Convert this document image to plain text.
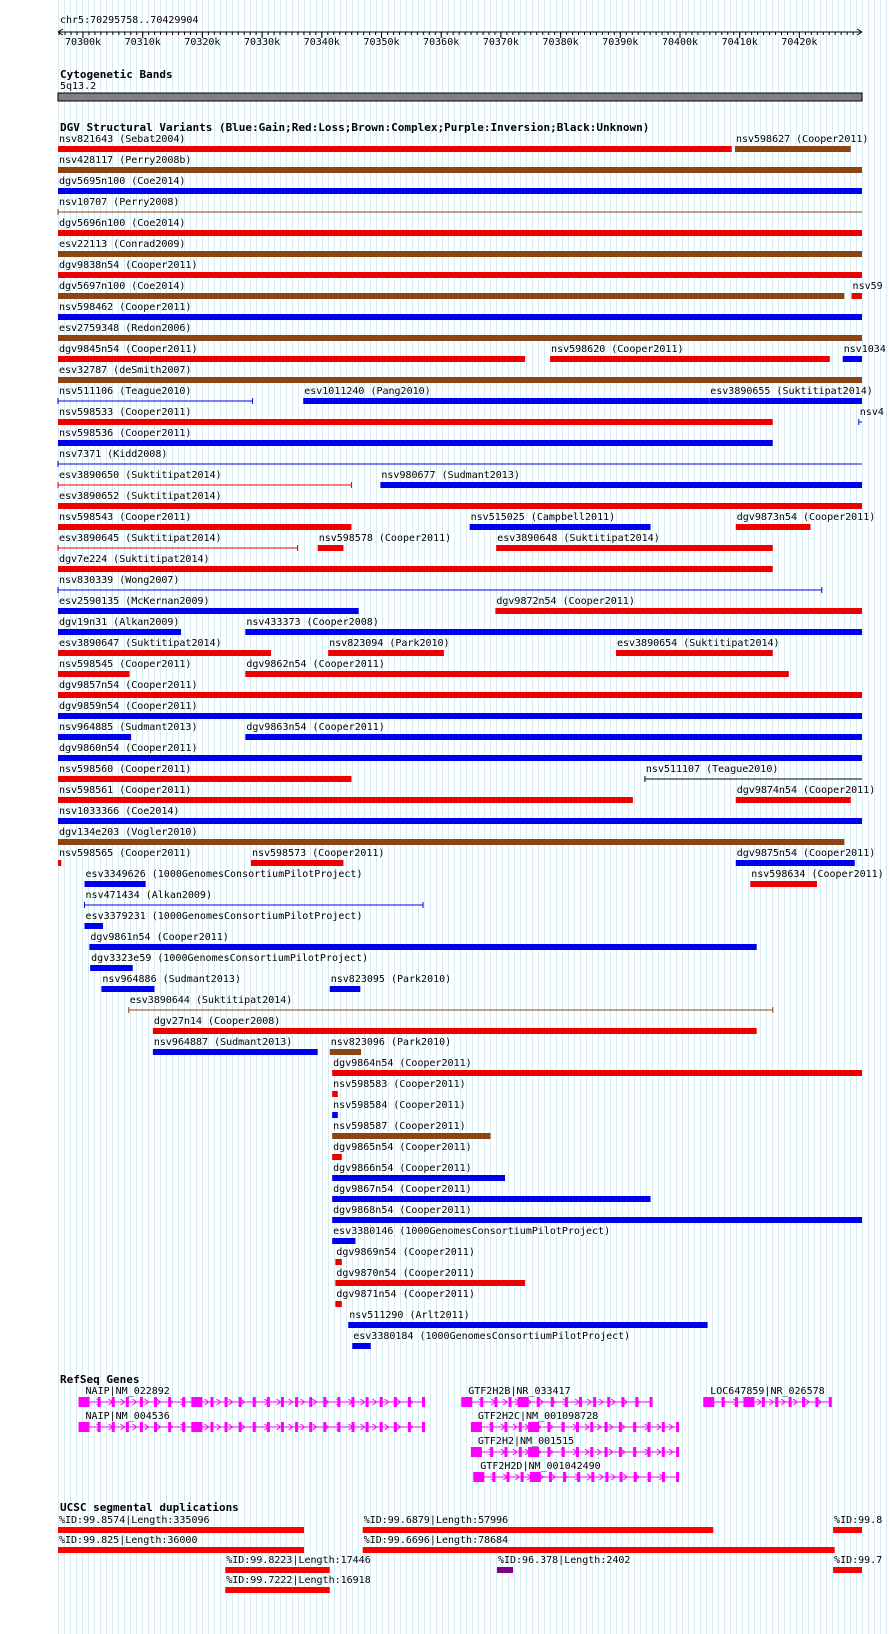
chr5:70295758..70429904
70300k 70310k 70320k 70330k 70340k 70350k 70360k 70370k 70380k 70390k 70400k 70410k 70420k
Cytogenetic Bands
5q13.2
DGV Structural Variants (Blue:Gain;Red:Loss;Brown:Complex;Purple:Inversion;Black:Unknown)
nsv821643 (Sebat2004)	nsv598627 (Cooper2011)
nsv428117 (Perry2008b)
dgv5695n100 (Coe2014)
nsv10707 (Perry2008)
dgv5696n100 (Coe2014)
esv22113 (Conrad2009)
dgv9838n54 (Cooper2011)
dgv5697n100 (Coe2014)	nsv59
nsv598462 (Cooper2011)
esv2759348 (Redon2006)
dgv9845n54 (Cooper2011)	nsv598620 (Cooper2011)	nsv1034
esv32787 (deSmith2007)
nsv511106 (Teague2010)	esv1011240 (Pang2010)	esv3890655 (Suktitipat2014)
nsv598533 (Cooper2011)	nsv4
nsv598536 (Cooper2011)
nsv7371 (Kidd2008)
esv3890650 (Suktitipat2014)	nsv980677 (Sudmant2013)
esv3890652 (Suktitipat2014)
nsv598543 (Cooper2011)	nsv515025 (Campbell2011)	dgv9873n54 (Cooper2011)
esv3890645 (Suktitipat2014)	nsv598578 (Cooper2011)	esv3890648 (Suktitipat2014)
dgv7e224 (Suktitipat2014)
nsv830339 (Wong2007)
esv2590135 (McKernan2009)	dgv9872n54 (Cooper2011)
dgv19n31 (Alkan2009)	nsv433373 (Cooper2008)
esv3890647 (Suktitipat2014)	nsv823094 (Park2010)	esv3890654 (Suktitipat2014)
nsv598545 (Cooper2011)	dgv9862n54 (Cooper2011)
dgv9857n54 (Cooper2011)
dgv9859n54 (Cooper2011)
nsv964885 (Sudmant2013)	dgv9863n54 (Cooper2011)
dgv9860n54 (Cooper2011)
nsv598560 (Cooper2011)	nsv511107 (Teague2010)
nsv598561 (Cooper2011)	dgv9874n54 (Cooper2011)
nsv1033366 (Coe2014)
dgv134e203 (Vogler2010)
nsv598565 (Cooper2011)	nsv598573 (Cooper2011)	dgv9875n54 (Cooper2011)
esv3349626 (1000GenomesConsortiumPilotProject)	nsv598634 (Cooper2011)
nsv471434 (Alkan2009)
esv3379231 (1000GenomesConsortiumPilotProject)
dgv9861n54 (Cooper2011)
dgv3323e59 (1000GenomesConsortiumPilotProject)
nsv964886 (Sudmant2013)	nsv823095 (Park2010)
esv3890644 (Suktitipat2014)
dgv27n14 (Cooper2008)
nsv964887 (Sudmant2013)	nsv823096 (Park2010)
dgv9864n54 (Cooper2011)
nsv598583 (Cooper2011)
nsv598584 (Cooper2011)
nsv598587 (Cooper2011)
dgv9865n54 (Cooper2011)
dgv9866n54 (Cooper2011)
dgv9867n54 (Cooper2011)
dgv9868n54 (Cooper2011)
esv3380146 (1000GenomesConsortiumPilotProject)
dgv9869n54 (Cooper2011)
dgv9870n54 (Cooper2011)
dgv9871n54 (Cooper2011)
nsv511290 (Arlt2011)
esv3380184 (1000GenomesConsortiumPilotProject)
RefSeq Genes
NAIP|NM_022892	GTF2H2B|NR_033417	LOC647859|NR_026578
NAIP|NM_004536	GTF2H2C|NM_001098728
GTF2H2|NM_001515
GTF2H2D|NM_001042490
UCSC segmental duplications
%ID:99.8574|Length:335096	%ID:99.6879|Length:57996	%ID:99.8
%ID:99.825|Length:36000	%ID:99.6696|Length:78684
%ID:99.8223|Length:17446	%ID:96.378|Length:2402	%ID:99.7
%ID:99.7222|Length:16918
